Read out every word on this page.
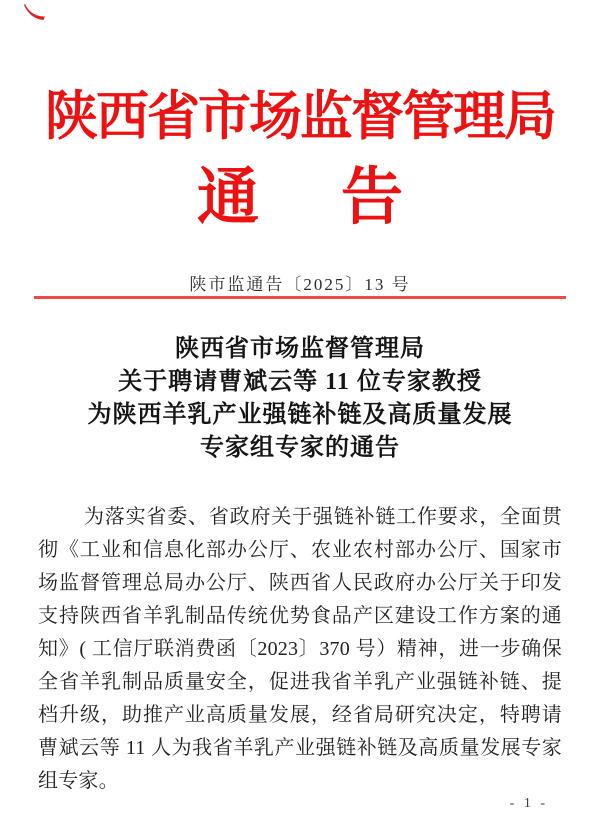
陕西省市场监督管理局
通 告
陕市监通告〔2025〕13 号
陕西省市场监督管理局
关于聘请曹斌云等 11 位专家教授
为陕西羊乳产业强链补链及高质量发展
专家组专家的通告

为落实省委、省政府关于强链补链工作要求，全面贯彻《工业和信息化部办公厅、农业农村部办公厅、国家市场监督管理总局办公厅、陕西省人民政府办公厅关于印发支持陕西省羊乳制品传统优势食品产区建设工作方案的通知》( 工信厅联消费函〔2023〕370 号）精神，进一步确保全省羊乳制品质量安全，促进我省羊乳产业强链补链、提档升级，助推产业高质量发展，经省局研究决定，特聘请曹斌云等 11 人为我省羊乳产业强链补链及高质量发展专家组专家。

- 1 -
